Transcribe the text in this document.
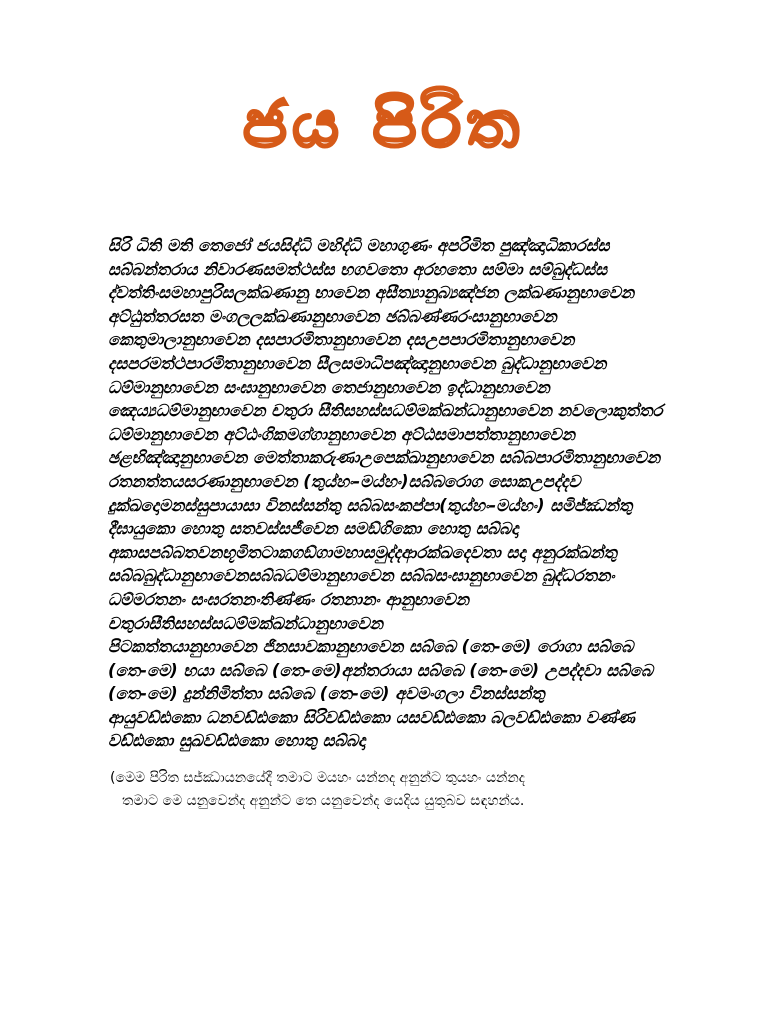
ජය පිරිත
සිරි ධිති මති තෙජෝ ජයසිද්ධි මහිද්ධි මහාගුණං අපරිමිත පුඤ්ඤාධිකාරස්ස
සබ්බන්තරාය නිවාරණසමත්ථස්ස භගවතො අරහතො සම්මා සම්බුද්ධස්ස
ද්වත්තිංසමහාපුරිසලක්ඛණානු භාවෙන අසීත්‍යානුබ්‍යඤ්ජන ලක්ඛණානුභාවෙන
අට්ඨුත්තරසත මංගලලක්ඛණානුභාවෙන ඡබ්බණ්ණරංසානුභාවෙන
කෙතුමාලානුභාවෙන දසපාරමිතානුභාවෙන දසඋපපාරමිතානුභාවෙන
දසපරමත්ථපාරමිතානුභාවෙන සීලසමාධිපඤ්ඤානුභාවෙන බුද්ධානුභාවෙන
ධම්මානුභාවෙන සංඝානුභාවෙන තෙජානුභාවෙන ඉද්ධානුභාවෙන
ඤෙය්‍යධම්මානුභාවෙන චතුරා සීතිසහස්සධම්මක්ඛන්ධානුභාවෙන නවලොකුත්තර
ධම්මානුභාවෙන අට්ඨංගිකමග්ගානුභාවෙන අට්ඨසමාපත්තානුභාවෙන
ඡළභිඤ්ඤානුභාවෙන මෙත්තාකරුණාඋපෙක්ඛානුභාවෙන සබ්බපාරමිතානුභාවෙන
රතනත්තයසරණානුභාවෙන (තුය්හං-මය්හං)සබ්බරොග සොකඋපද්දව
දුක්ඛදොමනස්සුපායාසා විනස්සන්තු සබ්බසංකප්පා(තුය්හං-මය්හං) සමිජ්ඣන්තු
දීඝායුකො හොතු සතවස්සජීවෙන සමඞ්ගිකො හොතු සබ්බදා
අකාසපබ්බතවනභූමිතටාකගඞ්ගාමහාසමුද්දආරක්ඛදෙවතා සදා අනුරක්ඛන්තු
සබ්බබුද්ධානුභාවෙනසබ්බධම්මානුභාවෙන සබ්බසංඝානුභාවෙන බුද්ධරතනං
ධම්මරතනං සංඝරතනංතිණ්ණං රතනානං ආනුභාවෙන
චතුරාසීතිසහස්සධම්මක්ඛන්ධානුභාවෙන
පිටකත්තයානුභාවෙන ජිනසාවකානුභාවෙන සබ්බෙ (තෙ-මෙ) රොගා සබ්බෙ
(තෙ-මෙ) භයා සබ්බෙ (තෙ-මෙ)අන්තරායා සබ්බෙ (තෙ-මෙ) උපද්දවා සබ්බෙ
(තෙ-මෙ) දුන්නිමිත්තා සබ්බෙ (තෙ-මෙ) අවමංගලා විනස්සන්තු
ආයුවඩ්ඪකො ධනවඩ්ඪකො සිරිවඩ්ඪකො යසවඩ්ඪකො බලවඩ්ඪකො වණ්ණ
වඩ්ඪකො සුඛවඩ්ඪකො හොතු සබ්බදා
(මෙම පිරිත සජ්ඣායනයේදී තමාට මයහං යන්නද අනුන්ට තුයහං යන්නද
තමාට මෙ යනුවෙන්ද අනුන්ට තෙ යනුවෙන්ද යෙදිය යුතුබව සඳහන්ය.
